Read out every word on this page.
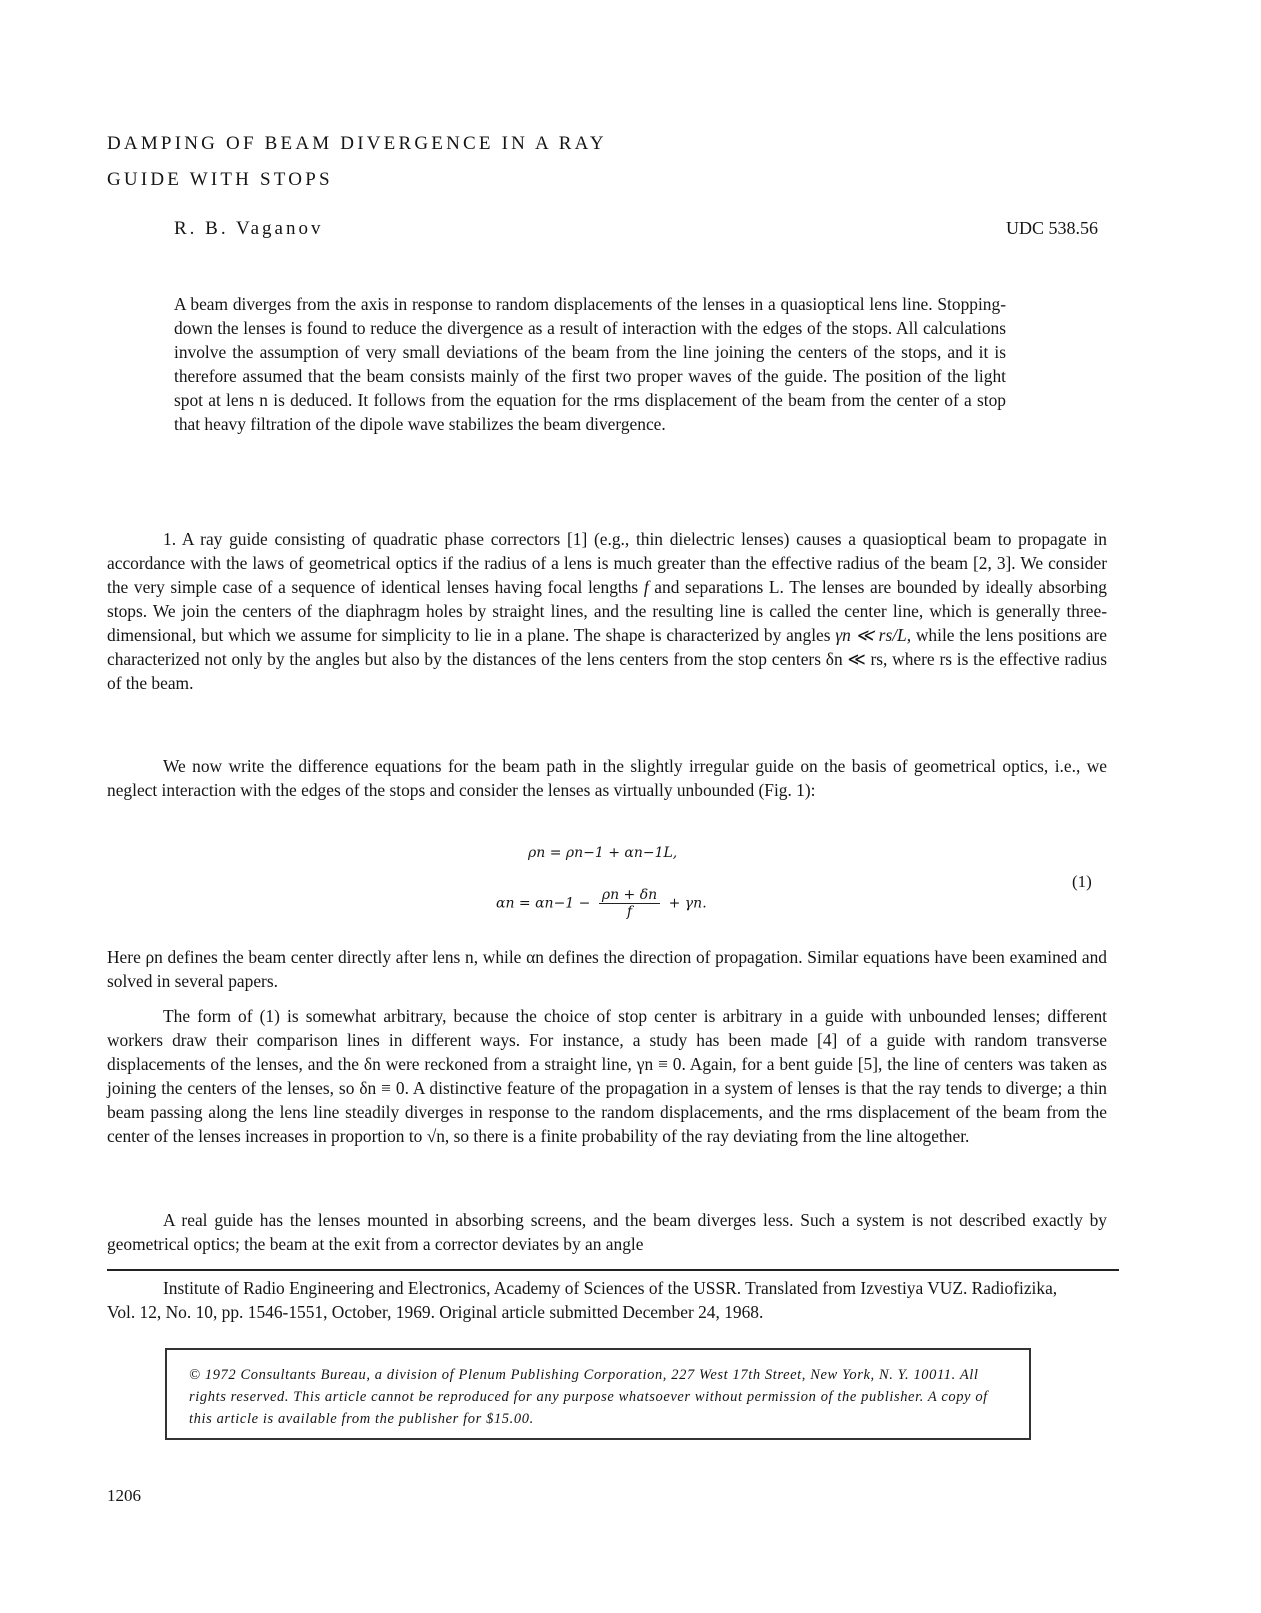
DAMPING OF BEAM DIVERGENCE IN A RAY
GUIDE WITH STOPS
R. B. Vaganov	UDC 538.56
A beam diverges from the axis in response to random displacements of the lenses in a quasioptical lens line. Stopping-down the lenses is found to reduce the divergence as a result of interaction with the edges of the stops. All calculations involve the assumption of very small deviations of the beam from the line joining the centers of the stops, and it is therefore assumed that the beam consists mainly of the first two proper waves of the guide. The position of the light spot at lens n is deduced. It follows from the equation for the rms displacement of the beam from the center of a stop that heavy filtration of the dipole wave stabilizes the beam divergence.
1. A ray guide consisting of quadratic phase correctors [1] (e.g., thin dielectric lenses) causes a quasioptical beam to propagate in accordance with the laws of geometrical optics if the radius of a lens is much greater than the effective radius of the beam [2, 3]. We consider the very simple case of a sequence of identical lenses having focal lengths f and separations L. The lenses are bounded by ideally absorbing stops. We join the centers of the diaphragm holes by straight lines, and the resulting line is called the center line, which is generally three-dimensional, but which we assume for simplicity to lie in a plane. The shape is characterized by angles γn ≪ rs/L, while the lens positions are characterized not only by the angles but also by the distances of the lens centers from the stop centers δn ≪ rs, where rs is the effective radius of the beam.
We now write the difference equations for the beam path in the slightly irregular guide on the basis of geometrical optics, i.e., we neglect interaction with the edges of the stops and consider the lenses as virtually unbounded (Fig. 1):
ρn = ρn−1 + αn−1L,
$\alpha n = \alpha n-1 - \frac{\rho n + \delta n}{f} + \gamma n$.
(1)
Here ρn defines the beam center directly after lens n, while αn defines the direction of propagation. Similar equations have been examined and solved in several papers.
The form of (1) is somewhat arbitrary, because the choice of stop center is arbitrary in a guide with unbounded lenses; different workers draw their comparison lines in different ways. For instance, a study has been made [4] of a guide with random transverse displacements of the lenses, and the δn were reckoned from a straight line, γn ≡ 0. Again, for a bent guide [5], the line of centers was taken as joining the centers of the lenses, so δn ≡ 0. A distinctive feature of the propagation in a system of lenses is that the ray tends to diverge; a thin beam passing along the lens line steadily diverges in response to the random displacements, and the rms displacement of the beam from the center of the lenses increases in proportion to √n, so there is a finite probability of the ray deviating from the line altogether.
A real guide has the lenses mounted in absorbing screens, and the beam diverges less. Such a system is not described exactly by geometrical optics; the beam at the exit from a corrector deviates by an angle
Institute of Radio Engineering and Electronics, Academy of Sciences of the USSR. Translated from Izvestiya VUZ. Radiofizika, Vol. 12, No. 10, pp. 1546-1551, October, 1969. Original article submitted December 24, 1968.
© 1972 Consultants Bureau, a division of Plenum Publishing Corporation, 227 West 17th Street, New York, N. Y. 10011. All rights reserved. This article cannot be reproduced for any purpose whatsoever without permission of the publisher. A copy of this article is available from the publisher for $15.00.
1206
